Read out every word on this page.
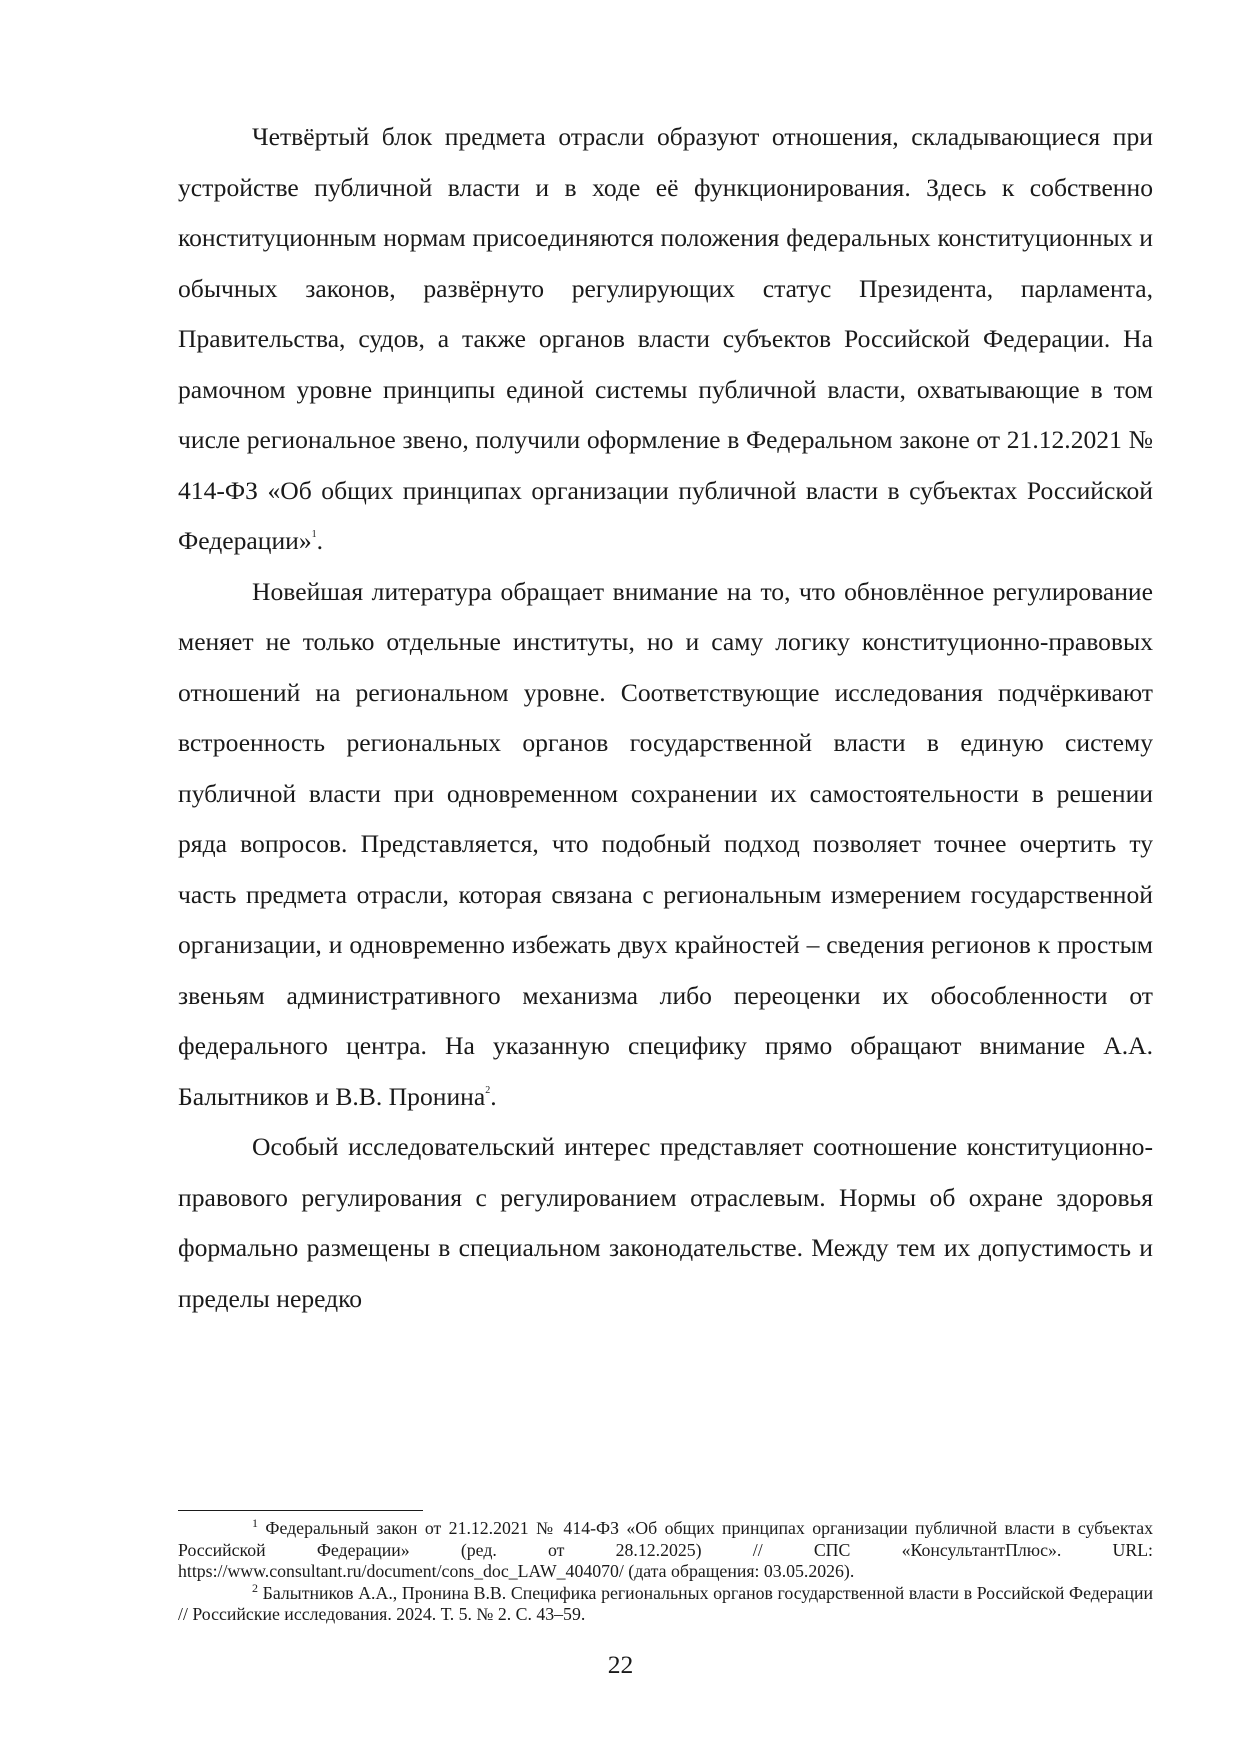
Четвёртый блок предмета отрасли образуют отношения, складывающиеся при устройстве публичной власти и в ходе её функционирования. Здесь к собственно конституционным нормам присоединяются положения федеральных конституционных и обычных законов, развёрнуто регулирующих статус Президента, парламента, Правительства, судов, а также органов власти субъектов Российской Федерации. На рамочном уровне принципы единой системы публичной власти, охватывающие в том числе региональное звено, получили оформление в Федеральном законе от 21.12.2021 № 414-ФЗ «Об общих принципах организации публичной власти в субъектах Российской Федерации»$^1$.

Новейшая литература обращает внимание на то, что обновлённое регулирование меняет не только отдельные институты, но и саму логику конституционно-правовых отношений на региональном уровне. Соответствующие исследования подчёркивают встроенность региональных органов государственной власти в единую систему публичной власти при одновременном сохранении их самостоятельности в решении ряда вопросов. Представляется, что подобный подход позволяет точнее очертить ту часть предмета отрасли, которая связана с региональным измерением государственной организации, и одновременно избежать двух крайностей – сведения регионов к простым звеньям административного механизма либо переоценки их обособленности от федерального центра. На указанную специфику прямо обращают внимание А.А. Балытников и В.В. Пронина$^2$.

Особый исследовательский интерес представляет соотношение конституционно-правового регулирования с регулированием отраслевым. Нормы об охране здоровья формально размещены в специальном законодательстве. Между тем их допустимость и пределы нередко

$^1$ Федеральный закон от 21.12.2021 № 414-ФЗ «Об общих принципах организации публичной власти в субъектах Российской Федерации» (ред. от 28.12.2025) // СПС «КонсультантПлюс». URL: https://www.consultant.ru/document/cons_doc_LAW_404070/ (дата обращения: 03.05.2026).

$^2$ Балытников А.А., Пронина В.В. Специфика региональных органов государственной власти в Российской Федерации // Российские исследования. 2024. Т. 5. № 2. С. 43–59.

22
